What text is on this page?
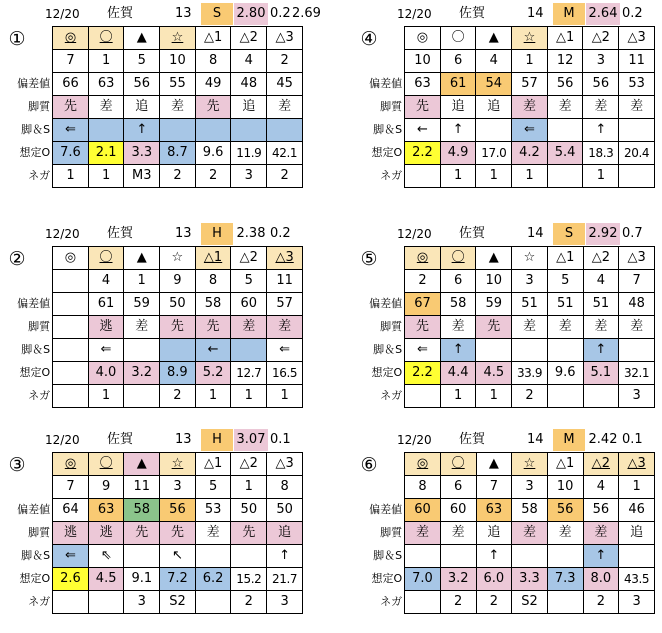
12/20	佐賀	13	S	2.80 0.2 2.69
①
		◎	〇	▲	☆	△1	△2	△3
	7	1	5	10	8	4	2
偏差値	66	63	56	55	49	48	45
脚質	先	差	追	差	先	追	差
脚＆S	⇐		↑				
想定O	7.6	2.1	3.3	8.7	9.6	11.9	42.1
ネガ	1	1	M3	2	2	3	2
12/20	佐賀	13	H	2.38 0.2
②
		◎	〇	▲	☆	△1	△2	△3
		4	1	9	8	5	11
偏差値		61	59	50	58	60	57
脚質		逃	差	先	先	差	差
脚＆S		⇐			←		⇐
想定O		4.0	3.2	8.9	5.2	12.7	16.5
ネガ		1		2	1	1	1
12/20	佐賀	13	H	3.07 0.1
③
		◎	〇	▲	☆	△1	△2	△3
	7	9	11	3	5	1	8
偏差値	64	63	58	56	53	50	50
脚質	逃	逃	先	先	差	先	追
脚＆S	⇐	⇖		↖			↑
想定O	2.6	4.5	9.1	7.2	6.2	15.2	21.7
ネガ			3	S2		2	3
12/20	佐賀	14	M	2.64 0.2
④
		◎	〇	▲	☆	△1	△2	△3
	10	6	4	1	12	3	11
偏差値	63	61	54	57	56	56	53
脚質	先	追	追	差	差	差	差
脚＆S	←	↑		⇐		↑	
想定O	2.2	4.9	17.0	4.2	5.4	18.3	20.4
ネガ		1	1	1		1	
12/20	佐賀	14	S	2.92 0.7
⑤
		◎	〇	▲	☆	△1	△2	△3
	2	6	10	3	5	4	7
偏差値	67	58	59	51	51	51	48
脚質	先	差	先	差	差	差	差
脚＆S	⇐	↑				↑	
想定O	2.2	4.4	4.5	33.9	9.6	5.1	32.1
ネガ		1	1	2			3
12/20	佐賀	14	M	2.42 0.1
⑥
		◎	〇	▲	☆	△1	△2	△3
	8	6	7	3	10	4	1
偏差値	60	60	63	58	56	56	46
脚質	差	差	追	差	差	差	追
脚＆S			↑			↑	
想定O	7.0	3.2	6.0	3.3	7.3	8.0	43.5
ネガ		2	2	S2		2	3
